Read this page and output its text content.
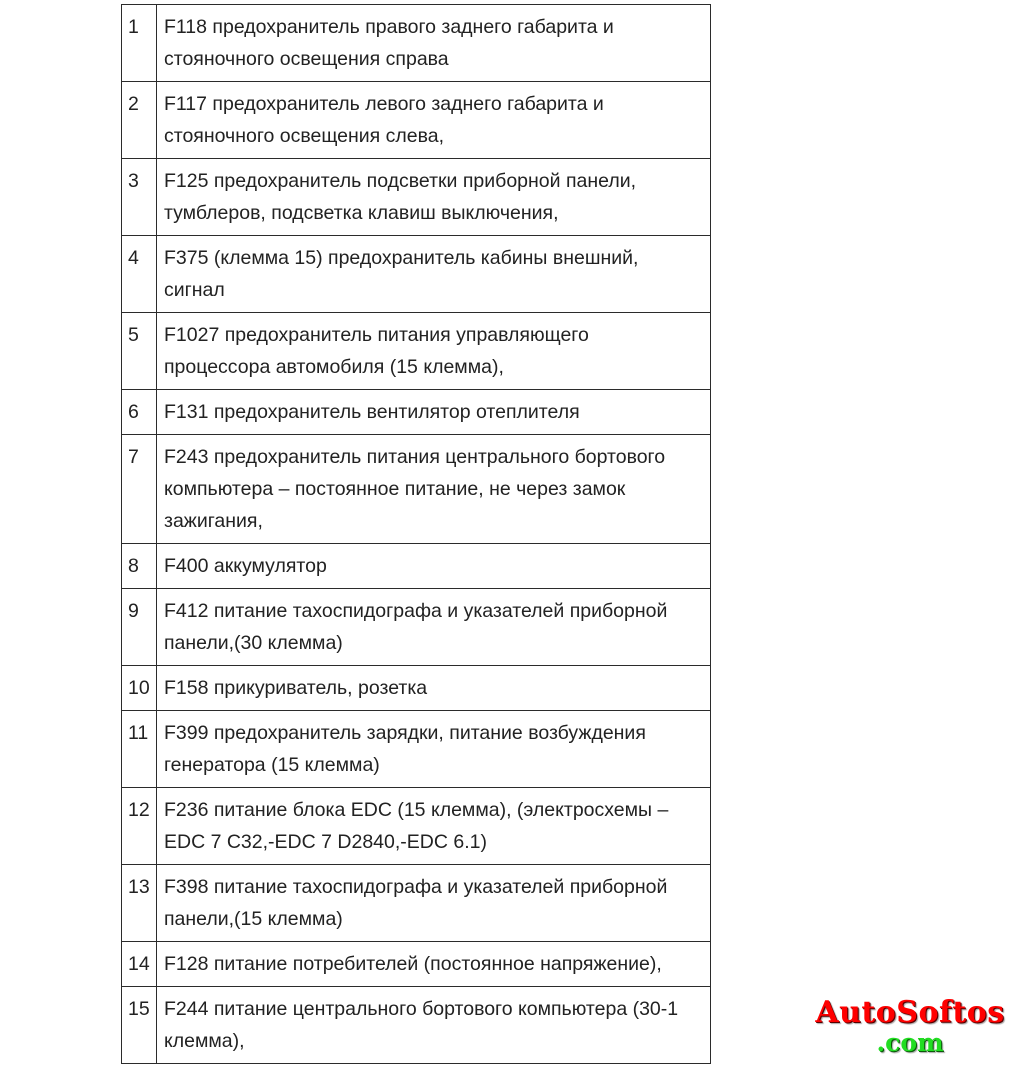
1	F118 предохранитель правого заднего габарита и стояночного освещения справа
2	F117 предохранитель левого заднего габарита и стояночного освещения слева,
3	F125 предохранитель подсветки приборной панели, тумблеров, подсветка клавиш выключения,
4	F375 (клемма 15) предохранитель кабины внешний, сигнал
5	F1027 предохранитель питания управляющего процессора автомобиля (15 клемма),
6	F131 предохранитель вентилятор отеплителя
7	F243 предохранитель питания центрального бортового компьютера – постоянное питание, не через замок зажигания,
8	F400 аккумулятор
9	F412 питание тахоспидографа и указателей приборной панели,(30 клемма)
10	F158 прикуриватель, розетка
11	F399 предохранитель зарядки, питание возбуждения генератора (15 клемма)
12	F236 питание блока EDC (15 клемма), (электросхемы – EDC 7 C32,-EDC 7 D2840,-EDC 6.1)
13	F398 питание тахоспидографа и указателей приборной панели,(15 клемма)
14	F128 питание потребителей (постоянное напряжение),
15	F244 питание центрального бортового компьютера (30-1 клемма),
AutoSoftos
.com
